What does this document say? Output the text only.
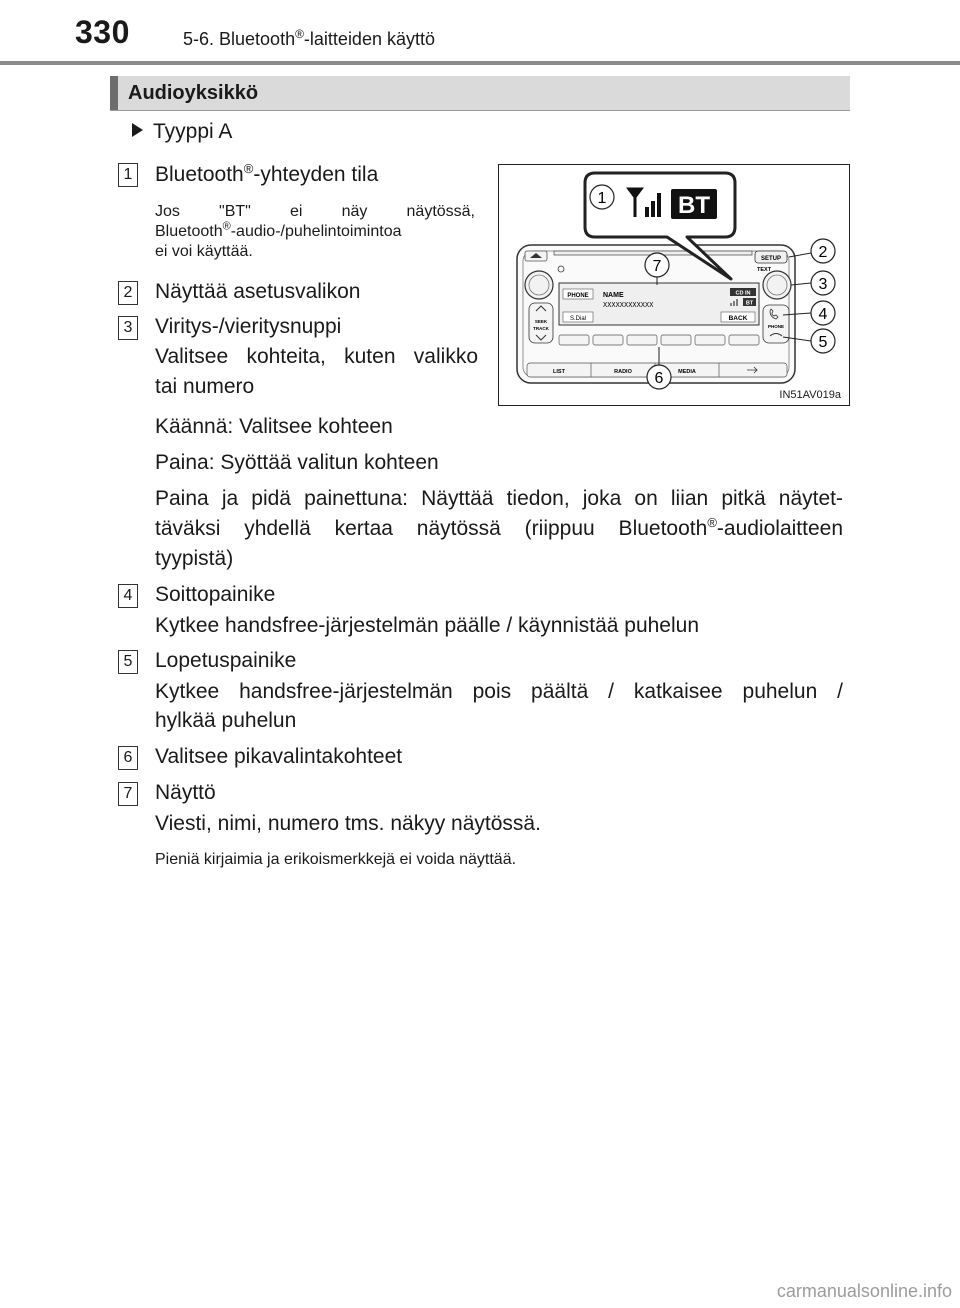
330	5-6. Bluetooth®-laitteiden käyttö
Audioyksikkö
Tyyppi A
1 Bluetooth®-yhteyden tila
Jos "BT" ei näy näytössä,
Bluetooth®-audio-/puhelintoimintoa
ei voi käyttää.
2 Näyttää asetusvalikon
3 Viritys-/vieritysnuppi
Valitsee kohteita, kuten valikko
tai numero
Käännä: Valitsee kohteen
Paina: Syöttää valitun kohteen
Paina ja pidä painettuna: Näyttää tiedon, joka on liian pitkä näytet-
täväksi yhdellä kertaa näytössä (riippuu Bluetooth®-audiolaitteen
tyypistä)
4 Soittopainike
Kytkee handsfree-järjestelmän päälle / käynnistää puhelun
5 Lopetuspainike
Kytkee handsfree-järjestelmän pois päältä / katkaisee puhelun /
hylkää puhelun
6 Valitsee pikavalintakohteet
7 Näyttö
Viesti, nimi, numero tms. näkyy näytössä.
Pieniä kirjaimia ja erikoismerkkejä ei voida näyttää.
SETUP
TEXT
PHONE NAME
XXXXXXXXXXXX
CD IN
BT
S.Dial	BACK
SEEK
TRACK	PHONE
LIST	RADIO	MEDIA
1	BT
2
3
4
5
6
7
IN51AV019a
carmanualsonline.info
